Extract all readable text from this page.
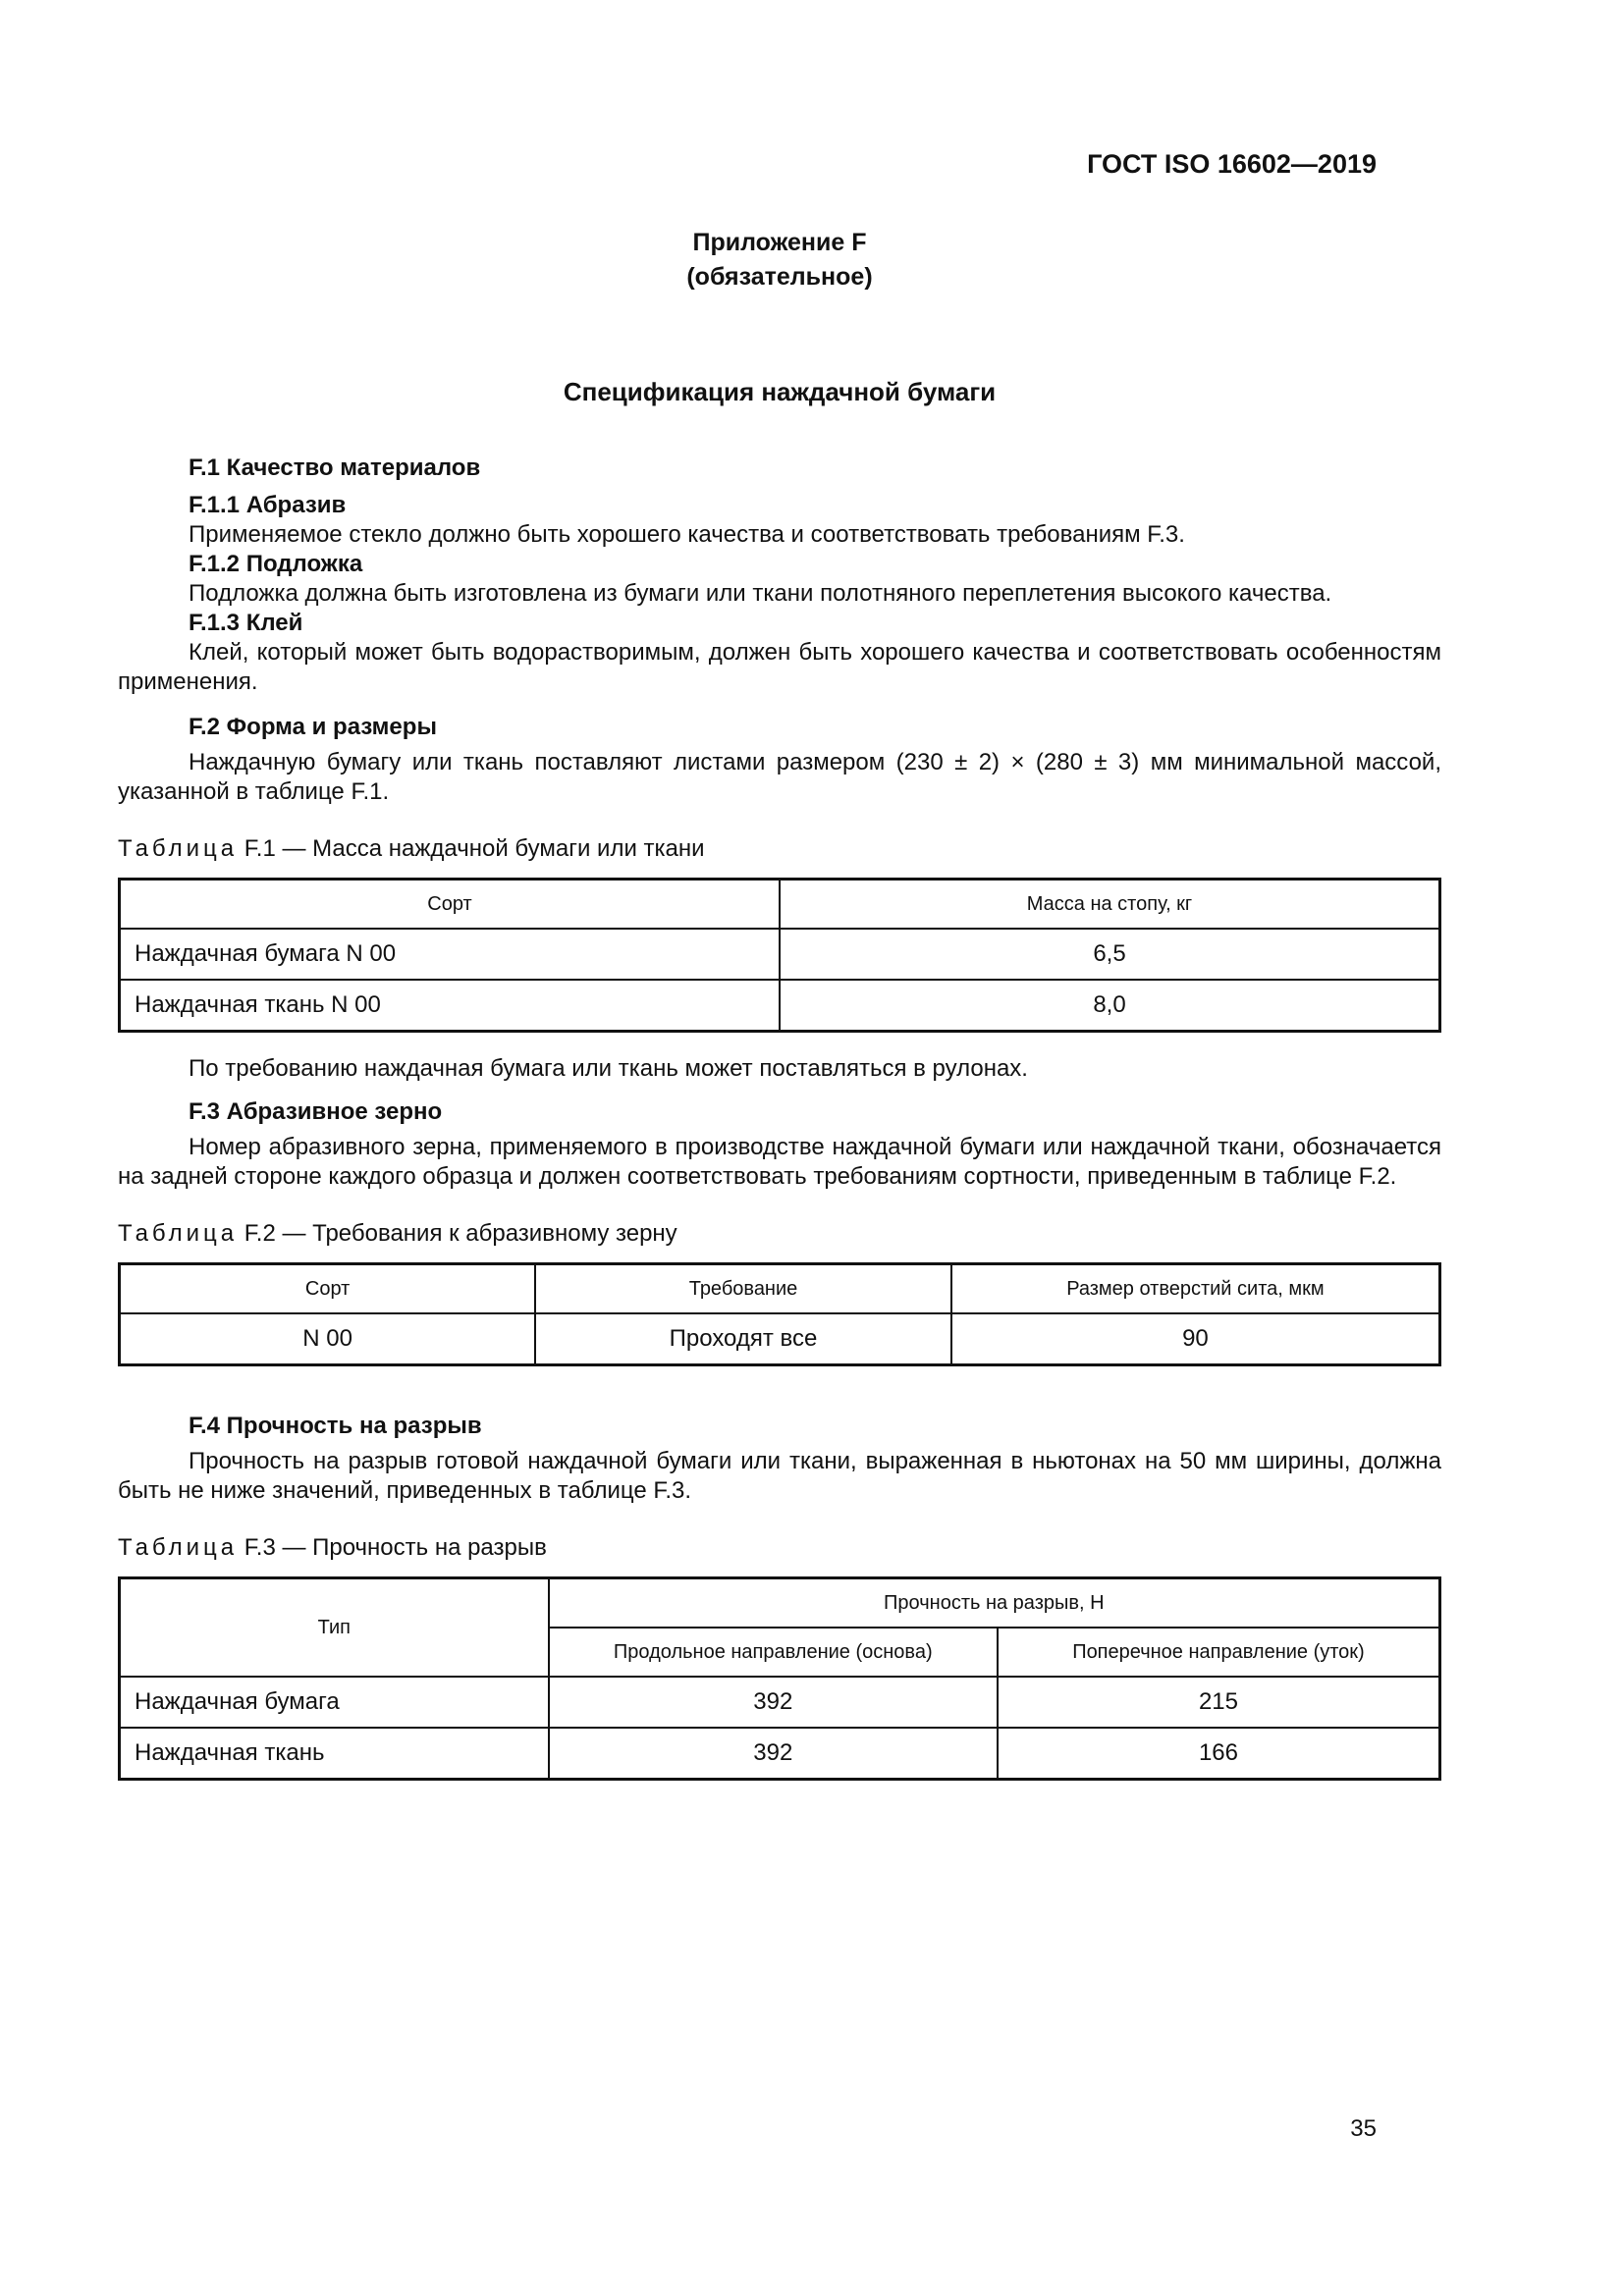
ГОСТ ISO 16602—2019
Приложение F
(обязательное)
Спецификация наждачной бумаги

F.1 Качество материалов

F.1.1 Абразив

Применяемое стекло должно быть хорошего качества и соответствовать требованиям F.3.

F.1.2 Подложка

Подложка должна быть изготовлена из бумаги или ткани полотняного переплетения высокого качества.

F.1.3 Клей

Клей, который может быть водорастворимым, должен быть хорошего качества и соответствовать особенностям применения.

F.2 Форма и размеры

Наждачную бумагу или ткань поставляют листами размером (230 ± 2) × (280 ± 3) мм минимальной массой, указанной в таблице F.1.

Таблица F.1 — Масса наждачной бумаги или ткани

Сорт	Масса на стопу, кг
Наждачная бумага N 00	6,5
Наждачная ткань N 00	8,0

По требованию наждачная бумага или ткань может поставляться в рулонах.

F.3 Абразивное зерно

Номер абразивного зерна, применяемого в производстве наждачной бумаги или наждачной ткани, обозначается на задней стороне каждого образца и должен соответствовать требованиям сортности, приведенным в таблице F.2.

Таблица F.2 — Требования к абразивному зерну

Сорт	Требование	Размер отверстий сита, мкм
N 00	Проходят все	90

F.4 Прочность на разрыв

Прочность на разрыв готовой наждачной бумаги или ткани, выраженная в ньютонах на 50 мм ширины, должна быть не ниже значений, приведенных в таблице F.3.

Таблица F.3 — Прочность на разрыв

Тип	Прочность на разрыв, Н	
	Продольное направление (основа)	Поперечное направление (уток)
Наждачная бумага	392	215
Наждачная ткань	392	166
35
